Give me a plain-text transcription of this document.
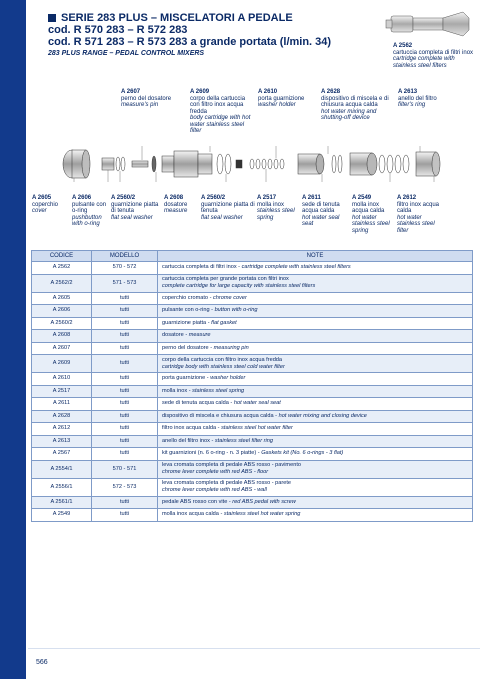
SERIE 283 PLUS – MISCELATORI A PEDALE
cod. R 570 283 – R 572 283
cod. R 571 283 – R 573 283 a grande portata (l/min. 34)
283 PLUS RANGE – PEDAL CONTROL MIXERS
A 2562
cartuccia completa di filtri inox
cartridge complete with stainless steel filters
A 2607
perno del dosatore
measure's pin
A 2609
corpo della cartuccia con filtro inox acqua fredda
body cartridge with hot water stainless steel filter
A 2610
porta guarnizione
washer holder
A 2628
dispositivo di miscela e di chiusura acqua calda
hot water mixing and shutting-off device
A 2613
anello del filtro
filter's ring
A 2605
coperchio
cover
A 2606
pulsante con o-ring
pushbutton with o-ring
A 2560/2
guarnizione piatta di tenuta
flat seal washer
A 2608
dosatore
measure
A 2560/2
guarnizione piatta di tenuta
flat seal washer
A 2517
molla inox
stainless steel spring
A 2611
sede di tenuta acqua calda
hot water seal seat
A 2549
molla inox acqua calda
hot water stainless steel spring
A 2612
filtro inox acqua calda
hot water stainless steel filter
CODICE	MODELLO	NOTE
A 2562	570 - 572	cartuccia completa di filtri inox - cartridge complete with stainless steel filters

A 2562/2	571 - 573	cartuccia completa per grande portata con filtri inox
complete cartridge for large capacity with stainless steel filters

A 2605	tutti	coperchio cromato - chrome cover

A 2606	tutti	pulsante con o-ring - button with o-ring

A 2560/2	tutti	guarnizione piatta - flat gasket

A 2608	tutti	dosatore - measure

A 2607	tutti	perno del dosatore - measuring pin

A 2609	tutti	corpo della cartuccia con filtro inox acqua fredda
cartridge body with stainless steel cold water filter

A 2610	tutti	porta guarnizione - washer holder

A 2517	tutti	molla inox - stainless steel spring

A 2611	tutti	sede di tenuta acqua calda - hot water seal seat

A 2628	tutti	dispositivo di miscela e chiusura acqua calda - hot water mixing and closing device

A 2612	tutti	filtro inox acqua calda - stainless steel hot water filter

A 2613	tutti	anello del filtro inox - stainless steel filter ring

A 2567	tutti	kit guarnizioni (n. 6 o-ring - n. 3 piatte) - Gaskets kit (No. 6 o-rings - 3 flat)

A 2554/1	570 - 571	leva cromata completa di pedale ABS rosso - pavimento
chrome lever complete with red ABS - floor

A 2556/1	572 - 573	leva cromata completa di pedale ABS rosso - parete
chrome lever complete with red ABS - wall

A 2561/1	tutti	pedale ABS rosso con vite - red ABS pedal with screw

A 2549	tutti	molla inox acqua calda - stainless steel hot water spring
566
